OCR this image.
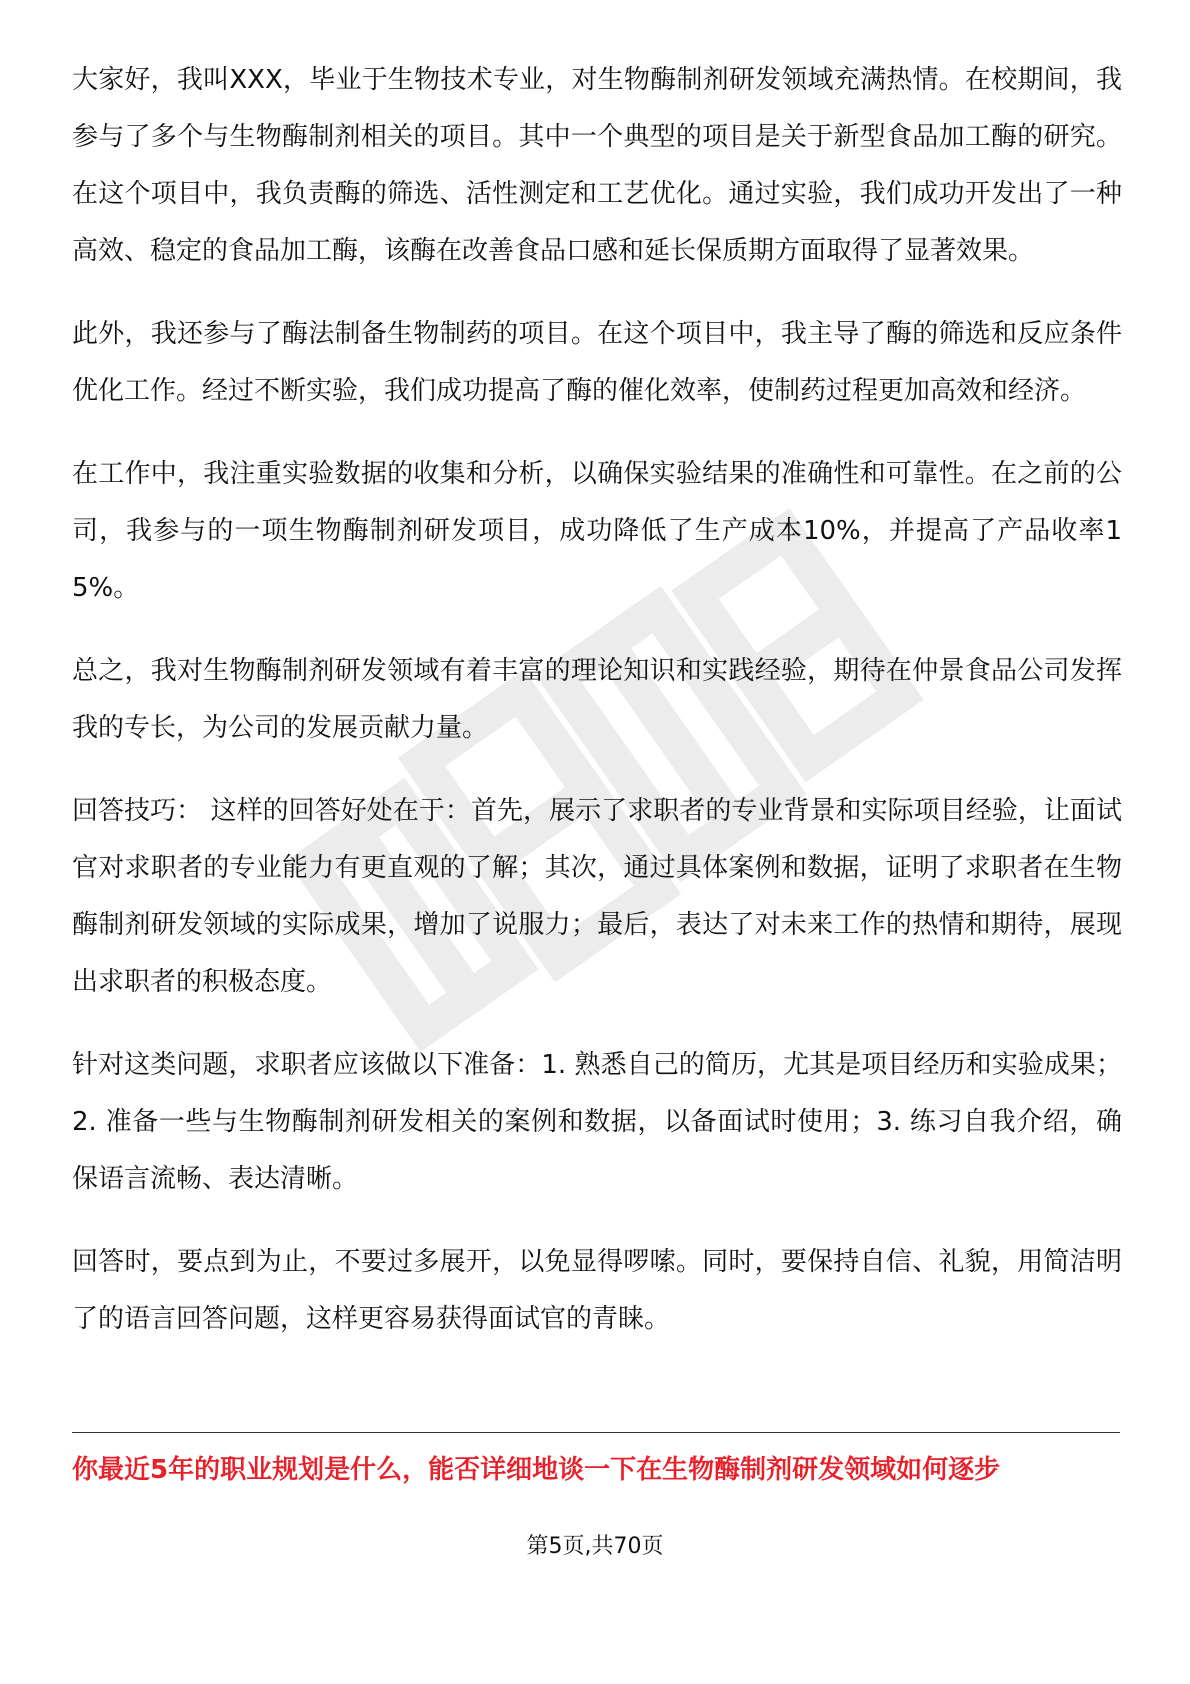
大家好，我叫XXX，毕业于生物技术专业，对生物酶制剂研发领域充满热情。在校期间，我参与了多个与生物酶制剂相关的项目。其中一个典型的项目是关于新型食品加工酶的研究。在这个项目中，我负责酶的筛选、活性测定和工艺优化。通过实验，我们成功开发出了一种高效、稳定的食品加工酶，该酶在改善食品口感和延长保质期方面取得了显著效果。

此外，我还参与了酶法制备生物制药的项目。在这个项目中，我主导了酶的筛选和反应条件优化工作。经过不断实验，我们成功提高了酶的催化效率，使制药过程更加高效和经济。

在工作中，我注重实验数据的收集和分析，以确保实验结果的准确性和可靠性。在之前的公司，我参与的一项生物酶制剂研发项目，成功降低了生产成本10%，并提高了产品收率15%。

总之，我对生物酶制剂研发领域有着丰富的理论知识和实践经验，期待在仲景食品公司发挥我的专长，为公司的发展贡献力量。

回答技巧： 这样的回答好处在于：首先，展示了求职者的专业背景和实际项目经验，让面试官对求职者的专业能力有更直观的了解；其次，通过具体案例和数据，证明了求职者在生物酶制剂研发领域的实际成果，增加了说服力；最后，表达了对未来工作的热情和期待，展现出求职者的积极态度。

针对这类问题，求职者应该做以下准备：1. 熟悉自己的简历，尤其是项目经历和实验成果；2. 准备一些与生物酶制剂研发相关的案例和数据，以备面试时使用；3. 练习自我介绍，确保语言流畅、表达清晰。

回答时，要点到为止，不要过多展开，以免显得啰嗦。同时，要保持自信、礼貌，用简洁明了的语言回答问题，这样更容易获得面试官的青睐。

你最近5年的职业规划是什么，能否详细地谈一下在生物酶制剂研发领域如何逐步
第5页,共70页
